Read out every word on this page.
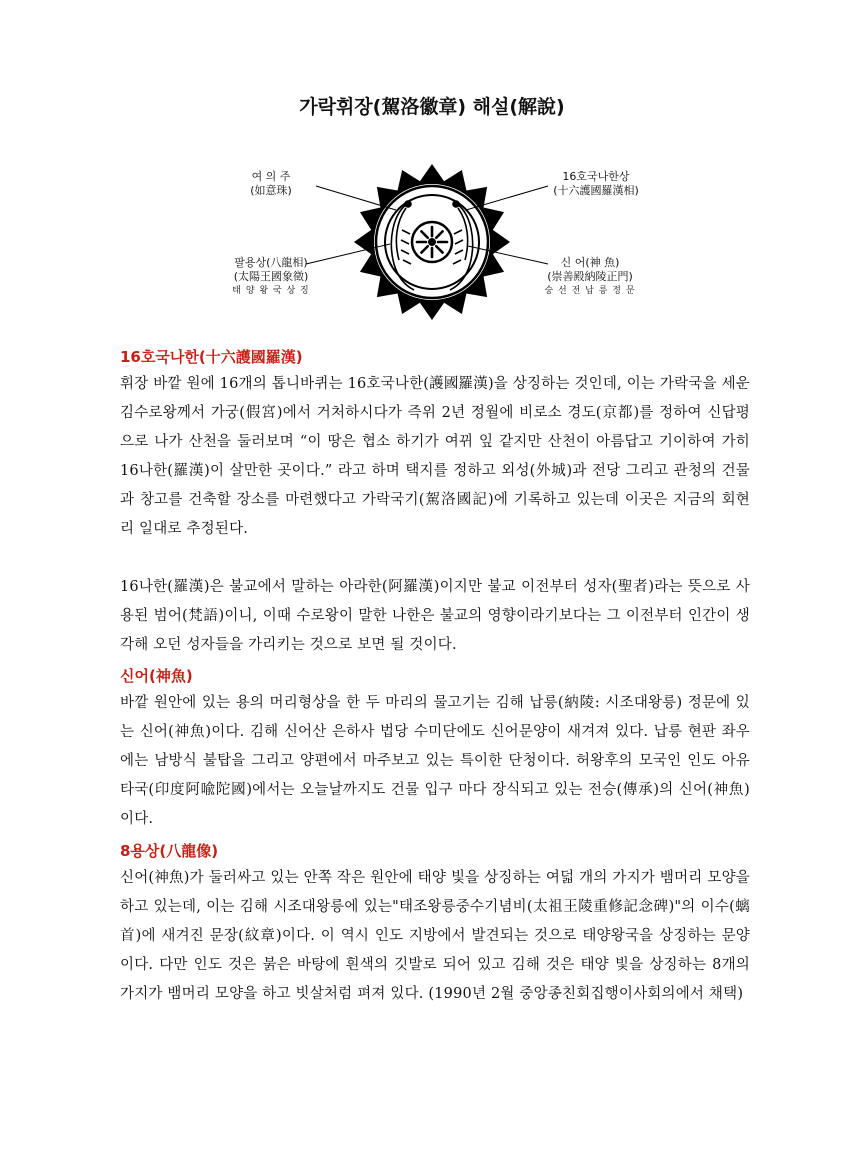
가락휘장(駕洛徽章) 해설(解說)
여 의 주
(如意珠)
16호국나한상
(十六護國羅漢相)
팔용상(八龍相)
(太陽王國象徵)
태 양 왕 국 상 징
신 어(神 魚)
(崇善殿納陵正門)
숭 선 전 납 릉 정 문
16호국나한(十六護國羅漢)
휘장 바깥 원에 16개의 톱니바퀴는 16호국나한(護國羅漢)을 상징하는 것인데, 이는 가락국을 세운 김수로왕께서 가궁(假宮)에서 거처하시다가 즉위 2년 정월에 비로소 경도(京都)를 정하여 신답평으로 나가 산천을 둘러보며 “이 땅은 협소 하기가 여뀌 잎 같지만 산천이 아름답고 기이하여 가히 16나한(羅漢)이 살만한 곳이다.” 라고 하며 택지를 정하고 외성(外城)과 전당 그리고 관청의 건물과 창고를 건축할 장소를 마련했다고 가락국기(駕洛國記)에 기록하고 있는데 이곳은 지금의 회현리 일대로 추정된다.
16나한(羅漢)은 불교에서 말하는 아라한(阿羅漢)이지만 불교 이전부터 성자(聖者)라는 뜻으로 사용된 범어(梵語)이니, 이때 수로왕이 말한 나한은 불교의 영향이라기보다는 그 이전부터 인간이 생각해 오던 성자들을 가리키는 것으로 보면 될 것이다.
신어(神魚)
바깥 원안에 있는 용의 머리형상을 한 두 마리의 물고기는 김해 납릉(納陵: 시조대왕릉) 정문에 있는 신어(神魚)이다. 김해 신어산 은하사 법당 수미단에도 신어문양이 새겨져 있다. 납릉 현판 좌우에는 남방식 불탑을 그리고 양편에서 마주보고 있는 특이한 단청이다. 허왕후의 모국인 인도 아유타국(印度阿喩陀國)에서는 오늘날까지도 건물 입구 마다 장식되고 있는 전승(傳承)의 신어(神魚)이다.
8용상(八龍像)
신어(神魚)가 둘러싸고 있는 안쪽 작은 원안에 태양 빛을 상징하는 여덟 개의 가지가 뱀머리 모양을 하고 있는데, 이는 김해 시조대왕릉에 있는"태조왕릉중수기념비(太祖王陵重修記念碑)"의 이수(螭首)에 새겨진 문장(紋章)이다. 이 역시 인도 지방에서 발견되는 것으로 태양왕국을 상징하는 문양이다. 다만 인도 것은 붉은 바탕에 흰색의 깃발로 되어 있고 김해 것은 태양 빛을 상징하는 8개의 가지가 뱀머리 모양을 하고 빗살처럼 펴져 있다. (1990년 2월 중앙종친회집행이사회의에서 채택)
